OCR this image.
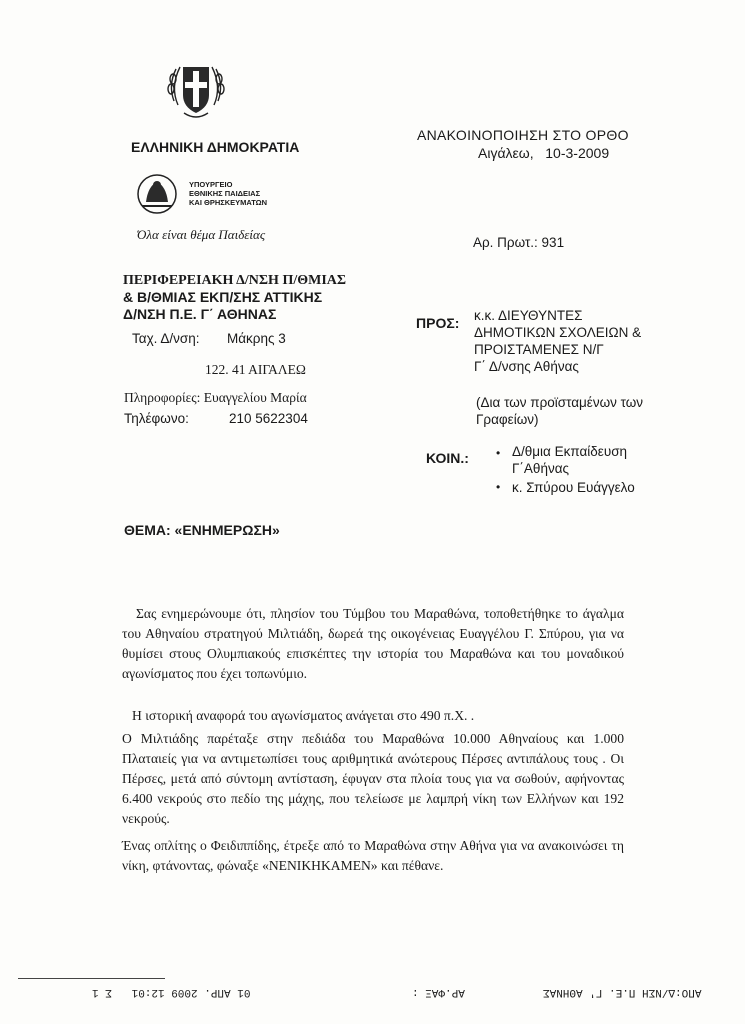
ΕΛΛΗΝΙΚΗ ΔΗΜΟΚΡΑΤΙΑ
ΥΠΟΥΡΓΕΙΟ
ΕΘΝΙΚΗΣ ΠΑΙΔΕΙΑΣ
ΚΑΙ ΘΡΗΣΚΕΥΜΑΤΩΝ
Όλα είναι θέμα Παιδείας
ΠΕΡΙΦΕΡΕΙΑΚΗ Δ/ΝΣΗ Π/ΘΜΙΑΣ
& Β/ΘΜΙΑΣ ΕΚΠ/ΣΗΣ ΑΤΤΙΚΗΣ
Δ/ΝΣΗ Π.Ε. Γ΄ ΑΘΗΝΑΣ
Ταχ. Δ/νση: Μάκρης 3
122. 41 ΑΙΓΑΛΕΩ
Πληροφορίες: Ευαγγελίου Μαρία
Τηλέφωνο:	210 5622304
ΑΝΑΚΟΙΝΟΠΟΙΗΣΗ ΣΤΟ ΟΡΘΟ
Αιγάλεω,   10-3-2009
Αρ. Πρωτ.: 931
ΠΡΟΣ: κ.κ. ΔΙΕΥΘΥΝΤΕΣ
ΔΗΜΟΤΙΚΩΝ ΣΧΟΛΕΙΩΝ &
ΠΡΟΙΣΤΑΜΕΝΕΣ Ν/Γ
Γ΄ Δ/νσης Αθήνας
(Δια των προϊσταμένων των
Γραφείων)
ΚΟΙΝ.: • Δ/θμια Εκπαίδευση
Γ΄Αθήνας
• κ. Σπύρου Ευάγγελο
ΘΕΜΑ: «ΕΝΗΜΕΡΩΣΗ»
Σας ενημερώνουμε ότι, πλησίον του Τύμβου του Μαραθώνα, τοποθετήθηκε το άγαλμα του Αθηναίου στρατηγού Μιλτιάδη, δωρεά της οικογένειας Ευαγγέλου Γ. Σπύρου, για να θυμίσει στους Ολυμπιακούς επισκέπτες την ιστορία του Μαραθώνα και του μοναδικού αγωνίσματος που έχει τοπωνύμιο.
Η ιστορική αναφορά του αγωνίσματος ανάγεται στο 490 π.Χ. .
Ο Μιλτιάδης παρέταξε στην πεδιάδα του Μαραθώνα 10.000 Αθηναίους και 1.000 Πλαταιείς για να αντιμετωπίσει τους αριθμητικά ανώτερους Πέρσες αντιπάλους τους . Οι Πέρσες, μετά από σύντομη αντίσταση, έφυγαν στα πλοία τους για να σωθούν, αφήνοντας 6.400 νεκρούς στο πεδίο της μάχης, που τελείωσε με λαμπρή νίκη των Ελλήνων και 192 νεκρούς.
Ένας οπλίτης ο Φειδιππίδης, έτρεξε από το Μαραθώνα στην Αθήνα για να ανακοινώσει τη νίκη, φτάνοντας, φώναξε «ΝΕΝΙΚΗΚΑΜΕΝ» και πέθανε.
01 ΑΠΡ. 2009 12:01   Σ 1	ΑΡ.ΦΑΞ :	ΑΠΟ:Δ/ΝΣΗ Π.Ε. Γ' ΑΘΗΝΑΣ
